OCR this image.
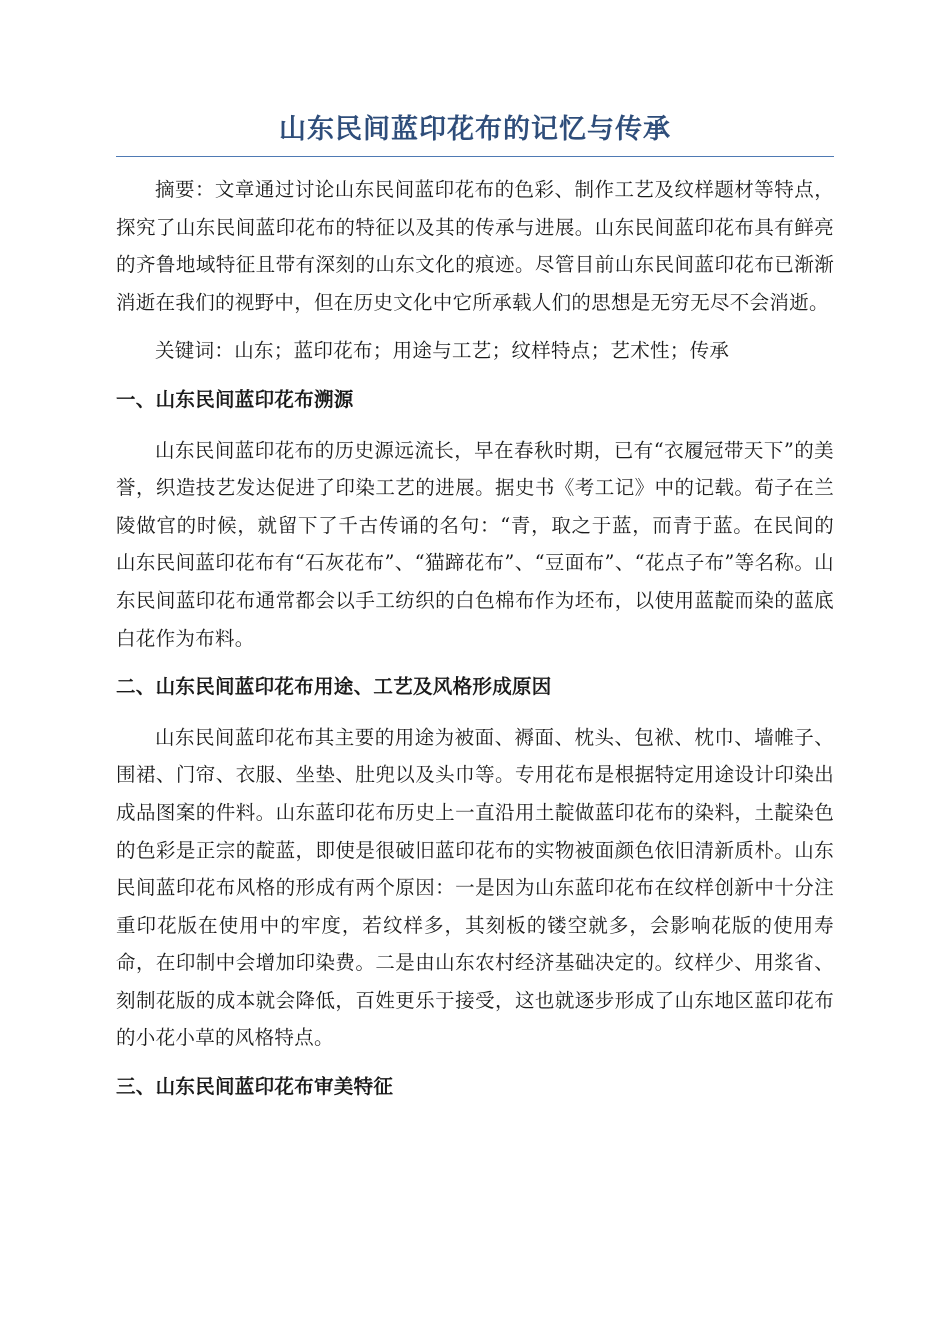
山东民间蓝印花布的记忆与传承

摘要：文章通过讨论山东民间蓝印花布的色彩、制作工艺及纹样题材等特点，探究了山东民间蓝印花布的特征以及其的传承与进展。山东民间蓝印花布具有鲜亮的齐鲁地域特征且带有深刻的山东文化的痕迹。尽管目前山东民间蓝印花布已渐渐消逝在我们的视野中，但在历史文化中它所承载人们的思想是无穷无尽不会消逝。

关键词：山东；蓝印花布；用途与工艺；纹样特点；艺术性；传承

一、山东民间蓝印花布溯源

山东民间蓝印花布的历史源远流长，早在春秋时期，已有“衣履冠带天下”的美誉，织造技艺发达促进了印染工艺的进展。据史书《考工记》中的记载。荀子在兰陵做官的时候，就留下了千古传诵的名句：“青，取之于蓝，而青于蓝。在民间的山东民间蓝印花布有“石灰花布”、“猫蹄花布”、“豆面布”、“花点子布”等名称。山东民间蓝印花布通常都会以手工纺织的白色棉布作为坯布，以使用蓝靛而染的蓝底白花作为布料。

二、山东民间蓝印花布用途、工艺及风格形成原因

山东民间蓝印花布其主要的用途为被面、褥面、枕头、包袱、枕巾、墙帷子、围裙、门帘、衣服、坐垫、肚兜以及头巾等。专用花布是根据特定用途设计印染出成品图案的件料。山东蓝印花布历史上一直沿用土靛做蓝印花布的染料，土靛染色的色彩是正宗的靛蓝，即使是很破旧蓝印花布的实物被面颜色依旧清新质朴。山东民间蓝印花布风格的形成有两个原因：一是因为山东蓝印花布在纹样创新中十分注重印花版在使用中的牢度，若纹样多，其刻板的镂空就多，会影响花版的使用寿命，在印制中会增加印染费。二是由山东农村经济基础决定的。纹样少、用浆省、刻制花版的成本就会降低，百姓更乐于接受，这也就逐步形成了山东地区蓝印花布的小花小草的风格特点。

三、山东民间蓝印花布审美特征
